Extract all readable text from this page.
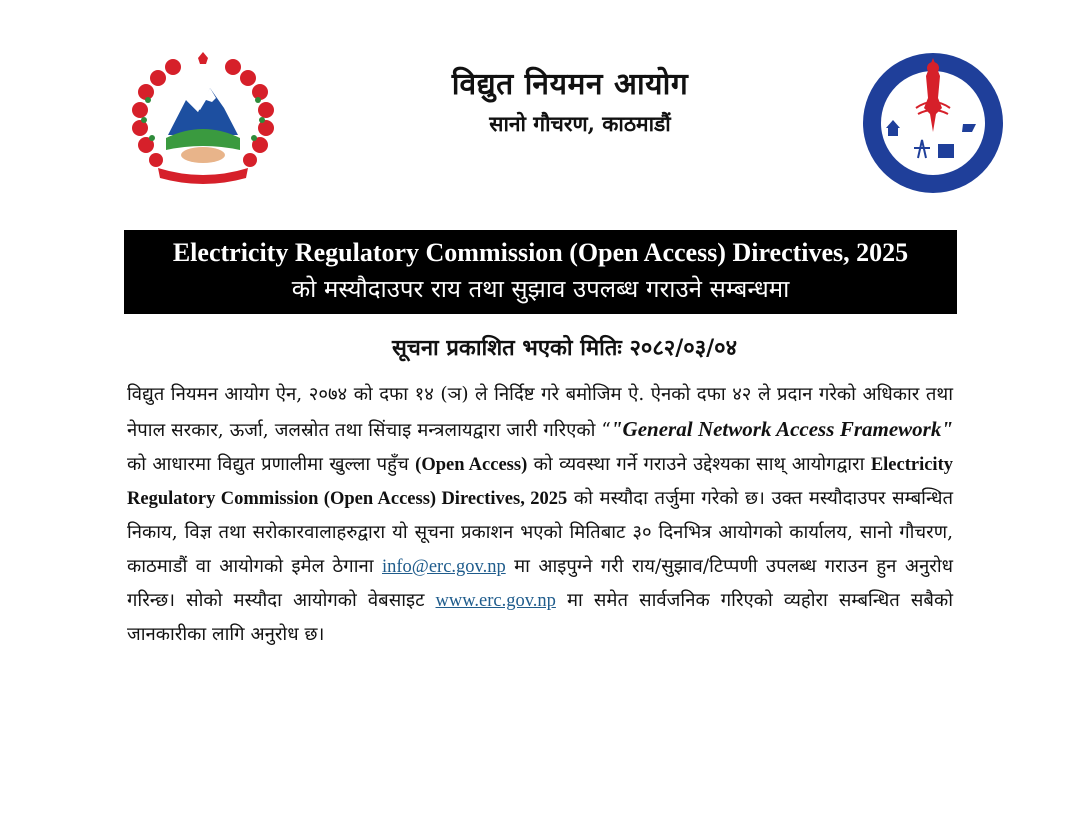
विद्युत नियमन आयोग
सानो गौचरण, काठमाडौं
Electricity Regulatory Commission (Open Access) Directives, 2025
को मस्यौदाउपर राय तथा सुझाव उपलब्ध गराउने सम्बन्धमा
सूचना प्रकाशित भएको मितिः २०८२/०३/०४
विद्युत नियमन आयोग ऐन, २०७४ को दफा १४ (ञ) ले निर्दिष्ट गरे बमोजिम ऐ. ऐनको दफा ४२ ले प्रदान गरेको अधिकार तथा नेपाल सरकार, ऊर्जा, जलस्रोत तथा सिंचाइ मन्त्रलायद्वारा जारी गरिएको “"General Network Access Framework" को आधारमा विद्युत प्रणालीमा खुल्ला पहुँच (Open Access) को व्यवस्था गर्ने गराउने उद्देश्यका साथ् आयोगद्वारा Electricity Regulatory Commission (Open Access) Directives, 2025 को मस्यौदा तर्जुमा गरेको छ। उक्त मस्यौदाउपर सम्बन्धित निकाय, विज्ञ तथा सरोकारवालाहरुद्वारा यो सूचना प्रकाशन भएको मितिबाट ३० दिनभित्र आयोगको कार्यालय, सानो गौचरण, काठमाडौं वा आयोगको इमेल ठेगाना info@erc.gov.np मा आइपुग्ने गरी राय/सुझाव/टिप्पणी उपलब्ध गराउन हुन अनुरोध गरिन्छ। सोको मस्यौदा आयोगको वेबसाइट www.erc.gov.np मा समेत सार्वजनिक गरिएको व्यहोरा सम्बन्धित सबैको जानकारीका लागि अनुरोध छ।
